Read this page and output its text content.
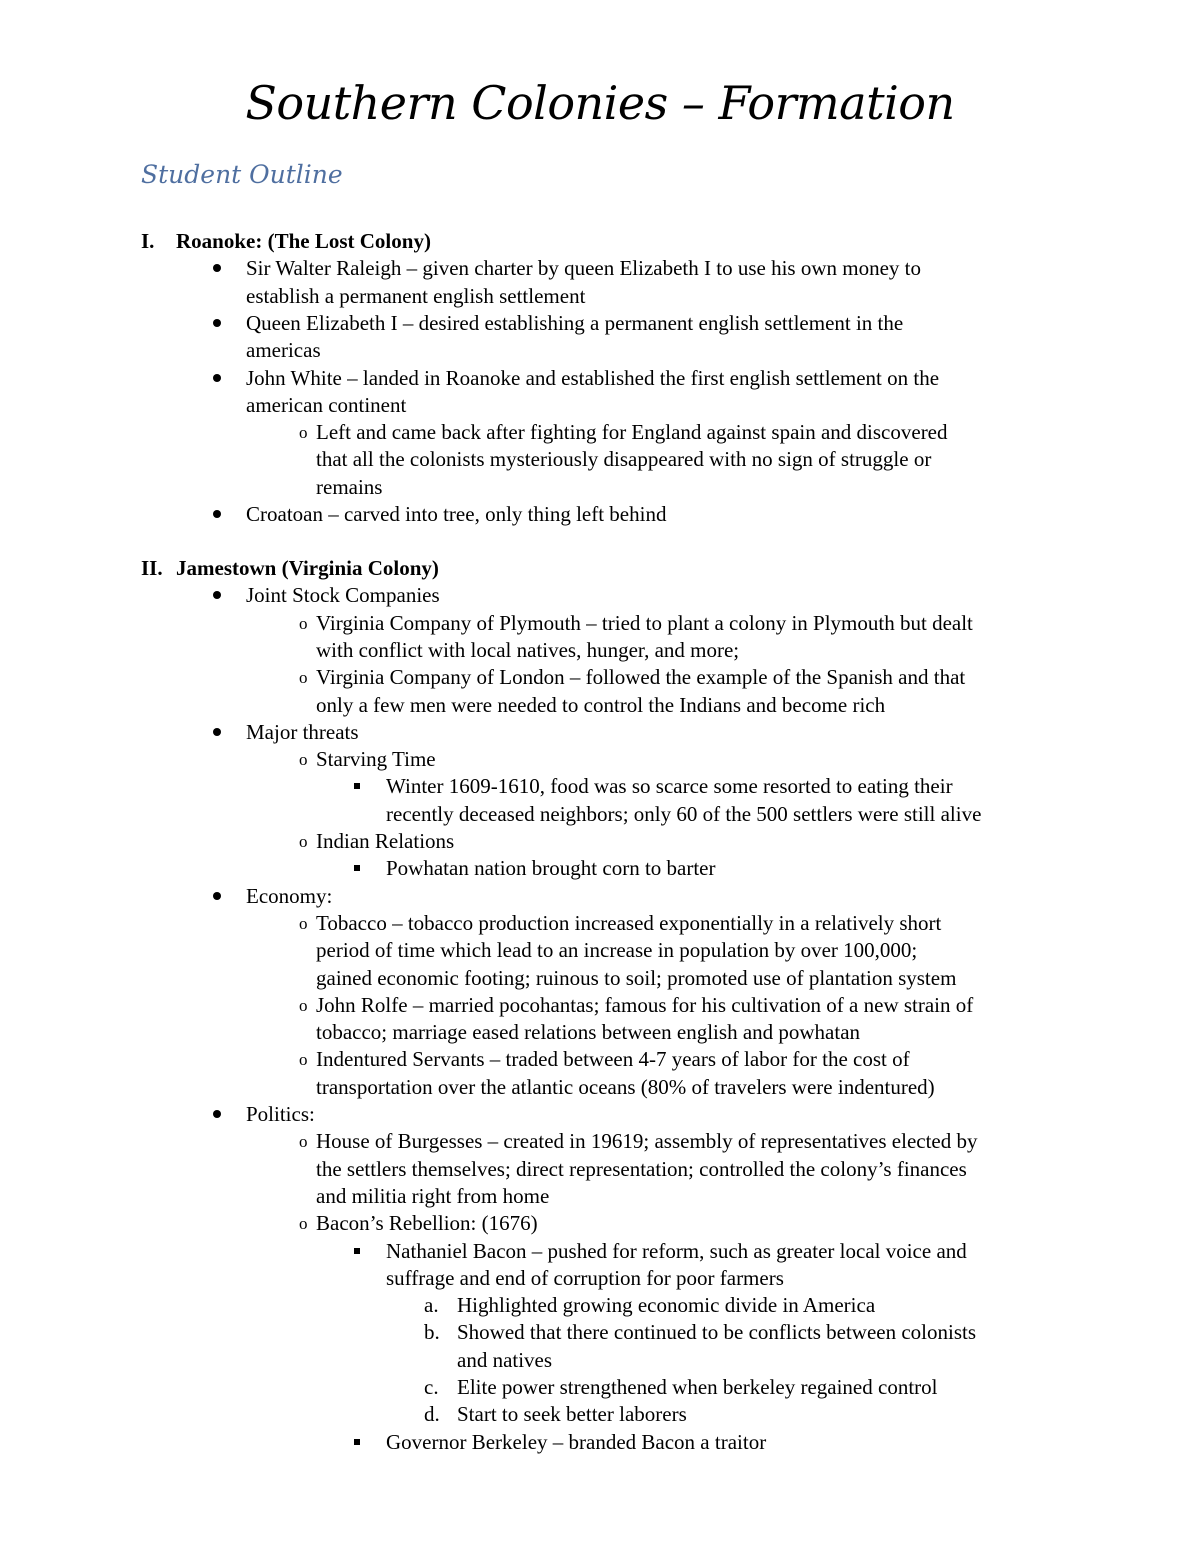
Southern Colonies – Formation
Student Outline
I. Roanoke: (The Lost Colony)
Sir Walter Raleigh – given charter by queen Elizabeth I to use his own money to
establish a permanent english settlement
Queen Elizabeth I – desired establishing a permanent english settlement in the
americas
John White – landed in Roanoke and established the first english settlement on the
american continent
o Left and came back after fighting for England against spain and discovered
that all the colonists mysteriously disappeared with no sign of struggle or
remains
Croatoan – carved into tree, only thing left behind
II. Jamestown (Virginia Colony)
Joint Stock Companies
o Virginia Company of Plymouth – tried to plant a colony in Plymouth but dealt
with conflict with local natives, hunger, and more;
o Virginia Company of London – followed the example of the Spanish and that
only a few men were needed to control the Indians and become rich
Major threats
o Starving Time
Winter 1609-1610, food was so scarce some resorted to eating their
recently deceased neighbors; only 60 of the 500 settlers were still alive
o Indian Relations
Powhatan nation brought corn to barter
Economy:
o Tobacco – tobacco production increased exponentially in a relatively short
period of time which lead to an increase in population by over 100,000;
gained economic footing; ruinous to soil; promoted use of plantation system
o John Rolfe – married pocohantas; famous for his cultivation of a new strain of
tobacco; marriage eased relations between english and powhatan
o Indentured Servants – traded between 4-7 years of labor for the cost of
transportation over the atlantic oceans (80% of travelers were indentured)
Politics:
o House of Burgesses – created in 19619; assembly of representatives elected by
the settlers themselves; direct representation; controlled the colony’s finances
and militia right from home
o Bacon’s Rebellion: (1676)
Nathaniel Bacon – pushed for reform, such as greater local voice and
suffrage and end of corruption for poor farmers
a. Highlighted growing economic divide in America
b. Showed that there continued to be conflicts between colonists
and natives
c. Elite power strengthened when berkeley regained control
d. Start to seek better laborers
Governor Berkeley – branded Bacon a traitor
